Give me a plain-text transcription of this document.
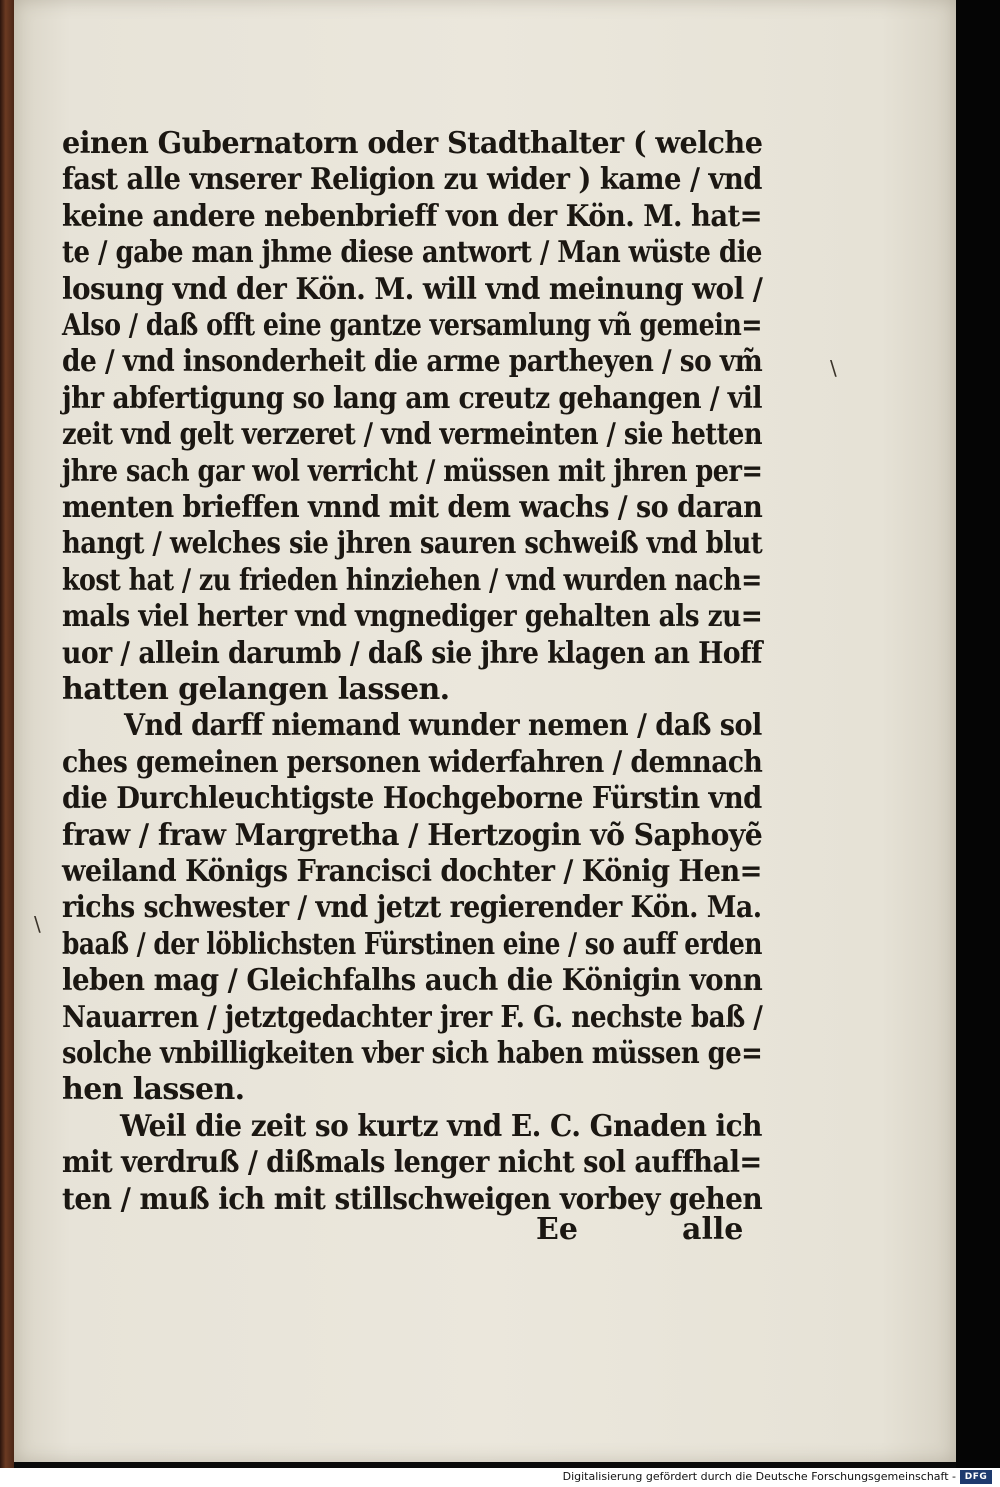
einen Gubernatorn oder Stadthalter ( welche
fast alle vnserer Religion zu wider ) kame / vnd
keine andere nebenbrieff von der Kön. M. hat=
te / gabe man jhme diese antwort / Man wüste die
losung vnd der Kön. M. will vnd meinung wol /
Also / daß offt eine gantze versamlung vñ gemein=
de / vnd insonderheit die arme partheyen / so vm̃
jhr abfertigung so lang am creutz gehangen / vil
zeit vnd gelt verzeret / vnd vermeinten / sie hetten
jhre sach gar wol verricht / müssen mit jhren per=
menten brieffen vnnd mit dem wachs / so daran
hangt / welches sie jhren sauren schweiß vnd blut
kost hat / zu frieden hinziehen / vnd wurden nach=
mals viel herter vnd vngnediger gehalten als zu=
uor / allein darumb / daß sie jhre klagen an Hoff
hatten gelangen lassen.
Vnd darff niemand wunder nemen / daß sol
ches gemeinen personen widerfahren / demnach
die Durchleuchtigste Hochgeborne Fürstin vnd
fraw / fraw Margretha / Hertzogin võ Saphoyẽ
weiland Königs Francisci dochter / König Hen=
richs schwester / vnd jetzt regierender Kön. Ma.
baaß / der löblichsten Fürstinen eine / so auff erden
leben mag / Gleichfalhs auch die Königin vonn
Nauarren / jetztgedachter jrer F. G. nechste baß /
solche vnbilligkeiten vber sich haben müssen ge=
hen lassen.
Weil die zeit so kurtz vnd E. C. Gnaden ich
mit verdruß / dißmals lenger nicht sol auffhal=
ten / muß ich mit stillschweigen vorbey gehen
Ee	alle
\
\
Digitalisierung gefördert durch die Deutsche Forschungsgemeinschaft - DFG
